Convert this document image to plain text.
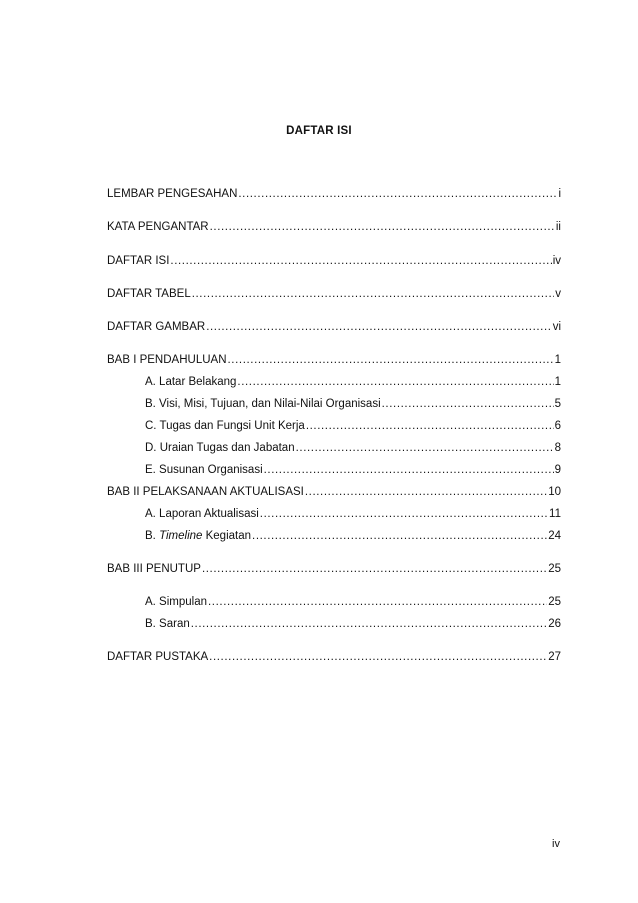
DAFTAR ISI
LEMBAR PENGESAHAN .....	i
KATA PENGANTAR .....	ii
DAFTAR ISI .....	iv
DAFTAR TABEL .....	v
DAFTAR GAMBAR .....	vi
BAB I PENDAHULUAN .....	1
A. Latar Belakang .....	1
B. Visi, Misi, Tujuan, dan Nilai-Nilai Organisasi .....	5
C. Tugas dan Fungsi Unit Kerja .....	6
D. Uraian Tugas dan Jabatan .....	8
E. Susunan Organisasi .....	9
BAB II PELAKSANAAN AKTUALISASI .....	10
A. Laporan Aktualisasi .....	11
B. Timeline Kegiatan .....	24
BAB III PENUTUP .....	25
A. Simpulan .....	25
B. Saran .....	26
DAFTAR PUSTAKA .....	27
iv
